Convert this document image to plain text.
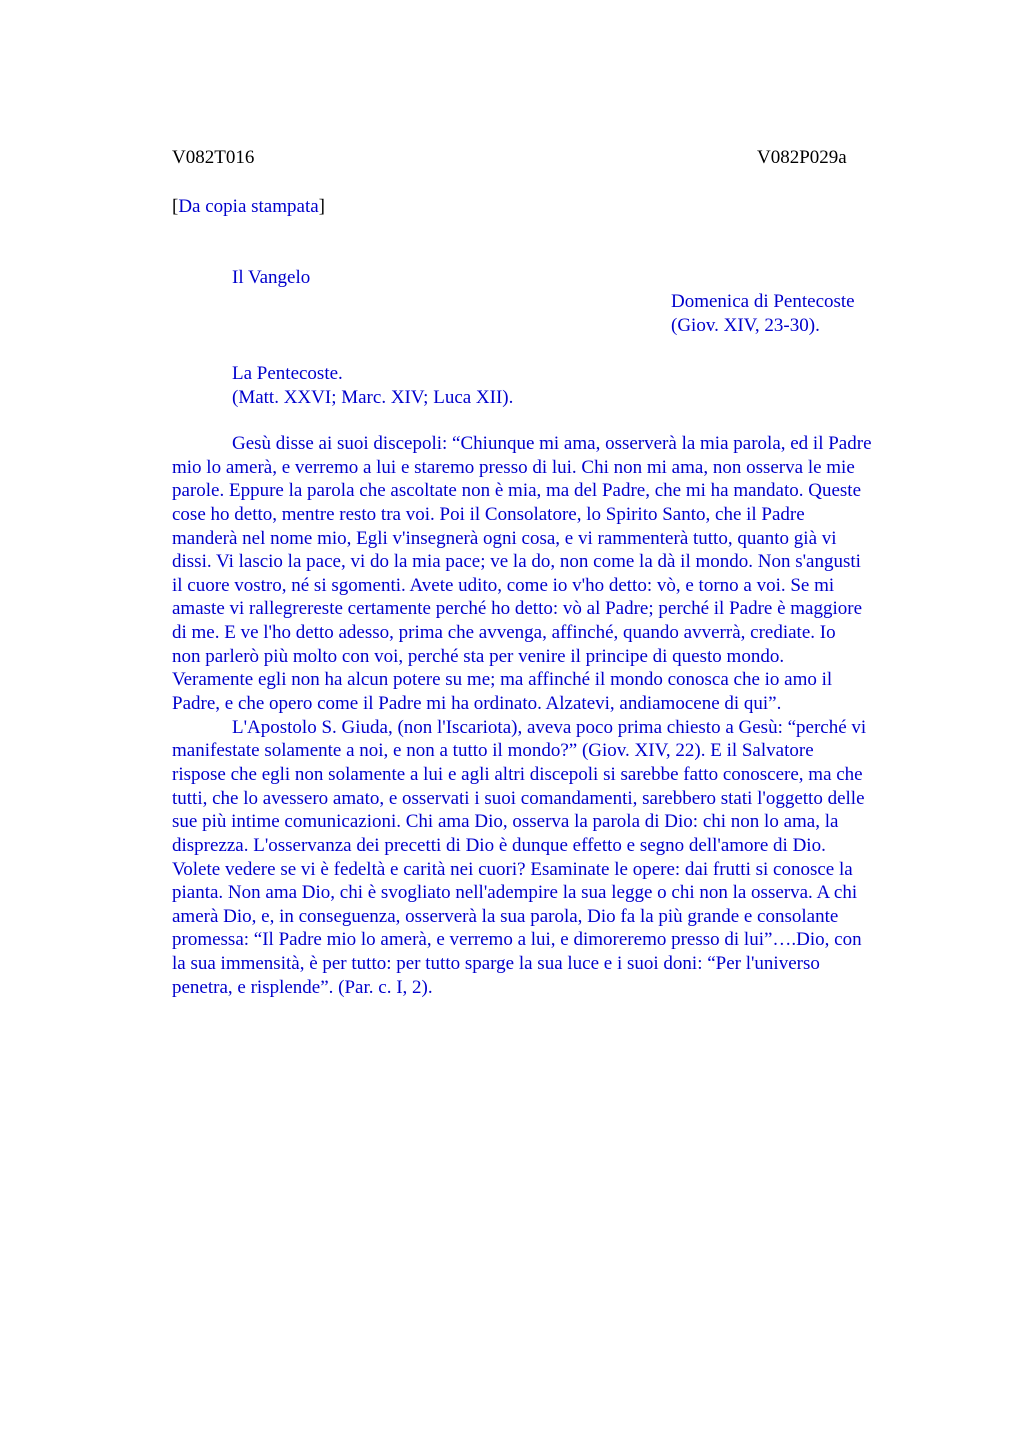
V082T016	V082P029a

[Da copia stampata]

Il Vangelo

Domenica di Pentecoste

(Giov. XIV, 23-30).

La Pentecoste.

(Matt. XXVI; Marc. XIV; Luca XII).

Gesù disse ai suoi discepoli: “Chiunque mi ama, osserverà la mia parola, ed il Padre
mio lo amerà, e verremo a lui e staremo presso di lui. Chi non mi ama, non osserva le mie
parole. Eppure la parola che ascoltate non è mia, ma del Padre, che mi ha mandato. Queste
cose ho detto, mentre resto tra voi. Poi il Consolatore, lo Spirito Santo, che il Padre
manderà nel nome mio, Egli v'insegnerà ogni cosa, e vi rammenterà tutto, quanto già vi
dissi. Vi lascio la pace, vi do la mia pace; ve la do, non come la dà il mondo. Non s'angusti
il cuore vostro, né si sgomenti. Avete udito, come io v'ho detto: vò, e torno a voi. Se mi
amaste vi rallegrereste certamente perché ho detto: vò al Padre; perché il Padre è maggiore
di me. E ve l'ho detto adesso, prima che avvenga, affinché, quando avverrà, crediate. Io
non parlerò più molto con voi, perché sta per venire il principe di questo mondo.
Veramente egli non ha alcun potere su me; ma affinché il mondo conosca che io amo il
Padre, e che opero come il Padre mi ha ordinato. Alzatevi, andiamocene di qui”.
L'Apostolo S. Giuda, (non l'Iscariota), aveva poco prima chiesto a Gesù: “perché vi
manifestate solamente a noi, e non a tutto il mondo?” (Giov. XIV, 22). E il Salvatore
rispose che egli non solamente a lui e agli altri discepoli si sarebbe fatto conoscere, ma che
tutti, che lo avessero amato, e osservati i suoi comandamenti, sarebbero stati l'oggetto delle
sue più intime comunicazioni. Chi ama Dio, osserva la parola di Dio: chi non lo ama, la
disprezza. L'osservanza dei precetti di Dio è dunque effetto e segno dell'amore di Dio.
Volete vedere se vi è fedeltà e carità nei cuori? Esaminate le opere: dai frutti si conosce la
pianta. Non ama Dio, chi è svogliato nell'adempire la sua legge o chi non la osserva. A chi
amerà Dio, e, in conseguenza, osserverà la sua parola, Dio fa la più grande e consolante
promessa: “Il Padre mio lo amerà, e verremo a lui, e dimoreremo presso di lui”….Dio, con
la sua immensità, è per tutto: per tutto sparge la sua luce e i suoi doni: “Per l'universo
penetra, e risplende”. (Par. c. I, 2).
